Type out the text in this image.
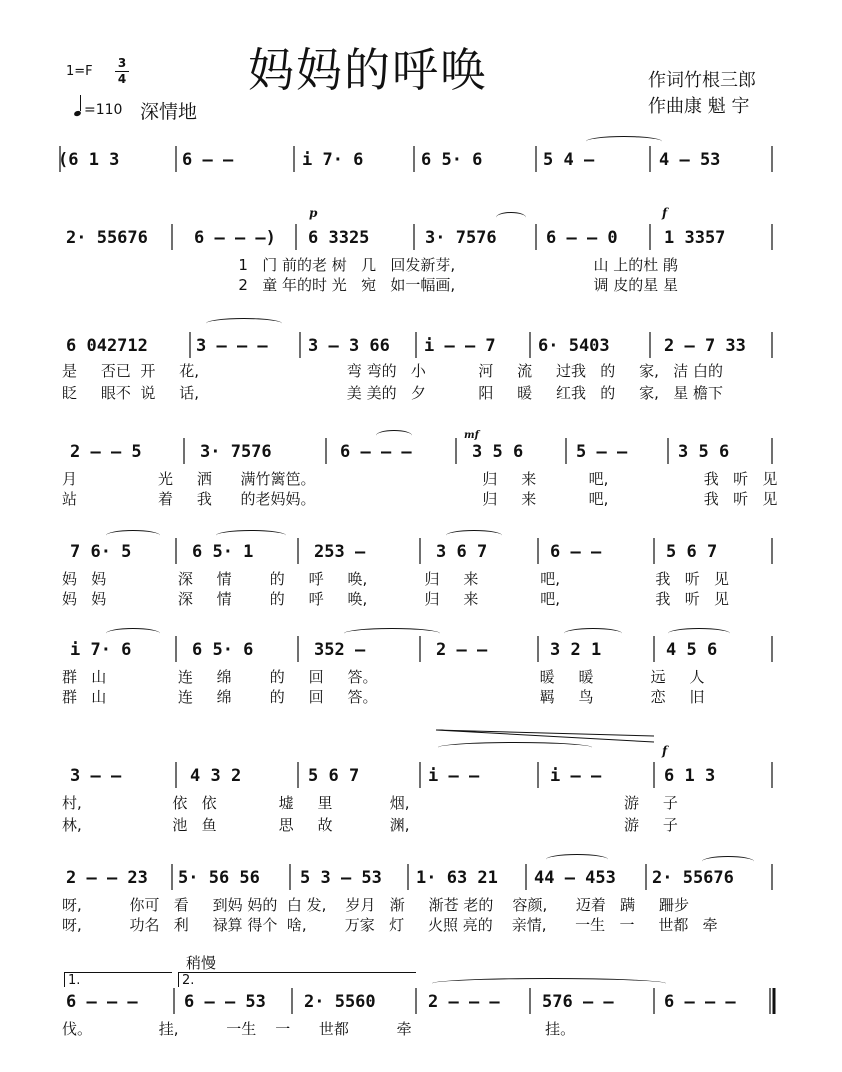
妈妈的呼唤
1=F
3
4
=110 深情地
作词竹根三郎
作曲康 魁 宇
(6 1 3	6 – –	i 7· 6	6 5· 6	5 4 –	4 – 53
p	f
2· 55676	6 – – –) 6 3325	3· 7576	6 – – 0	1 3357
1   门 前的老 树   几   回发新芽,                             山 上的杜 鹃
2   童 年的时 光   宛   如一幅画,                             调 皮的星 星
6 042712	3 – – – 3 – 3 66 i – – 7 6· 5403	2 – 7 33
是     否已  开     花,                               弯 弯的   小           河     流     过我   的     家,   洁 白的
眨     眼不  说     话,                               美 美的   夕           阳     暖     红我   的     家,   星 檐下
mf
2 – – 5	3· 7576	6 – – –	3 5 6	5 – –	3 5 6
月                 光     洒      满竹篱笆。                                   归     来           吧,                    我   听   见
站                 着     我      的老妈妈。                                   归     来           吧,                    我   听   见
7 6· 5	6 5· 1	253 –	3 6 7	6 – –	5 6 7
妈   妈               深     情        的     呼     唤,            归     来             吧,                    我   听   见
妈   妈               深     情        的     呼     唤,            归     来             吧,                    我   听   见
i 7· 6	6 5· 6	352 –	2 – –	3 2 1	4 5 6
群   山               连     绵        的     回     答。                                  暖     暖            远     人
群   山               连     绵        的     回     答。                                  羁     鸟            恋     旧
f
3 – –	4 3 2	5 6 7	i – –	i – –	6 1 3
村,                   依   依             墟     里            烟,                                             游     子
林,                   池   鱼             思     故            渊,                                             游     子
2 – – 23 5· 56 56 5 3 – 53 1· 63 21 44 – 453 2· 55676
呀,          你可   看     到妈 妈的  白 发,    岁月   渐     渐苍 老的    容颜,      迈着   蹒     跚步
呀,          功名   利     禄算 得个  啥,        万家   灯     火照 亮的    亲情,      一生   一     世都   牵
稍慢
1.	2.
6 – – –	6 – – 53 2· 5560	2 – – – 576 – –	6 – – –
伐。              挂,          一生    一      世都          牵                            挂。
